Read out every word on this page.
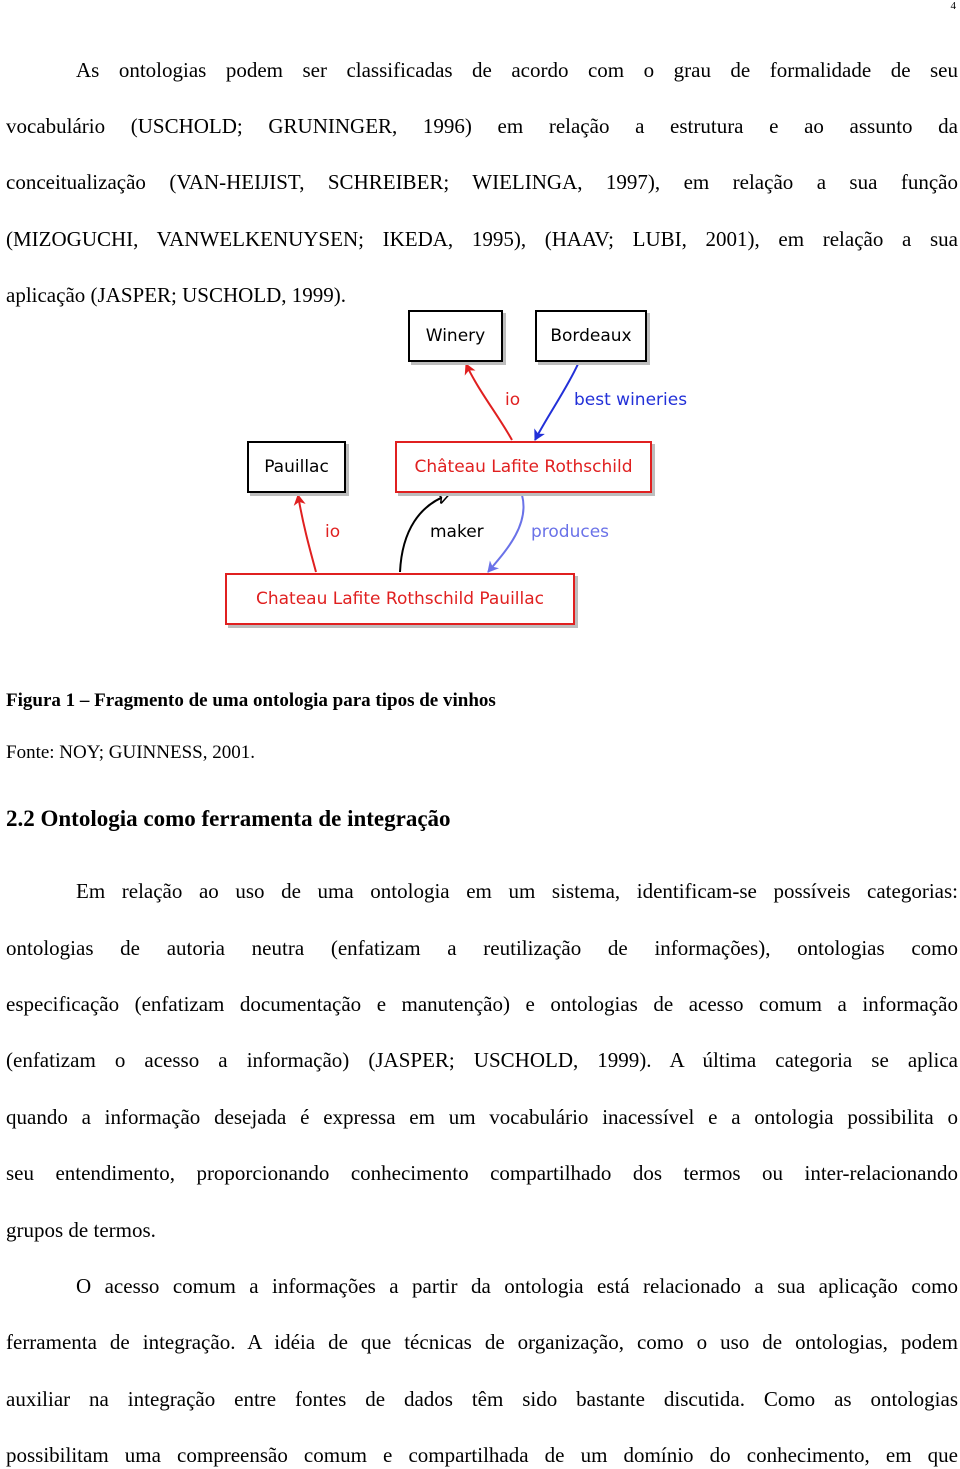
4
As ontologias podem ser classificadas de acordo com o grau de formalidade de seu
vocabulário (USCHOLD; GRUNINGER, 1996) em relação a estrutura e ao assunto da
conceitualização (VAN-HEIJIST, SCHREIBER; WIELINGA, 1997), em relação a sua função
(MIZOGUCHI, VANWELKENUYSEN; IKEDA, 1995), (HAAV; LUBI, 2001), em relação a sua
aplicação (JASPER; USCHOLD, 1999).
Winery	Bordeaux
Pauillac	Château Lafite Rothschild
Chateau Lafite Rothschild Pauillac
io	best wineries
io	maker	produces
Figura 1 – Fragmento de uma ontologia para tipos de vinhos
Fonte: NOY; GUINNESS, 2001.
2.2 Ontologia como ferramenta de integração
Em relação ao uso de uma ontologia em um sistema, identificam-se possíveis categorias:
ontologias de autoria neutra (enfatizam a reutilização de informações), ontologias como
especificação (enfatizam documentação e manutenção) e ontologias de acesso comum a informação
(enfatizam o acesso a informação) (JASPER; USCHOLD, 1999). A última categoria se aplica
quando a informação desejada é expressa em um vocabulário inacessível e a ontologia possibilita o
seu entendimento, proporcionando conhecimento compartilhado dos termos ou inter-relacionando
grupos de termos.
O acesso comum a informações a partir da ontologia está relacionado a sua aplicação como
ferramenta de integração. A idéia de que técnicas de organização, como o uso de ontologias, podem
auxiliar na integração entre fontes de dados têm sido bastante discutida. Como as ontologias
possibilitam uma compreensão comum e compartilhada de um domínio do conhecimento, em que
